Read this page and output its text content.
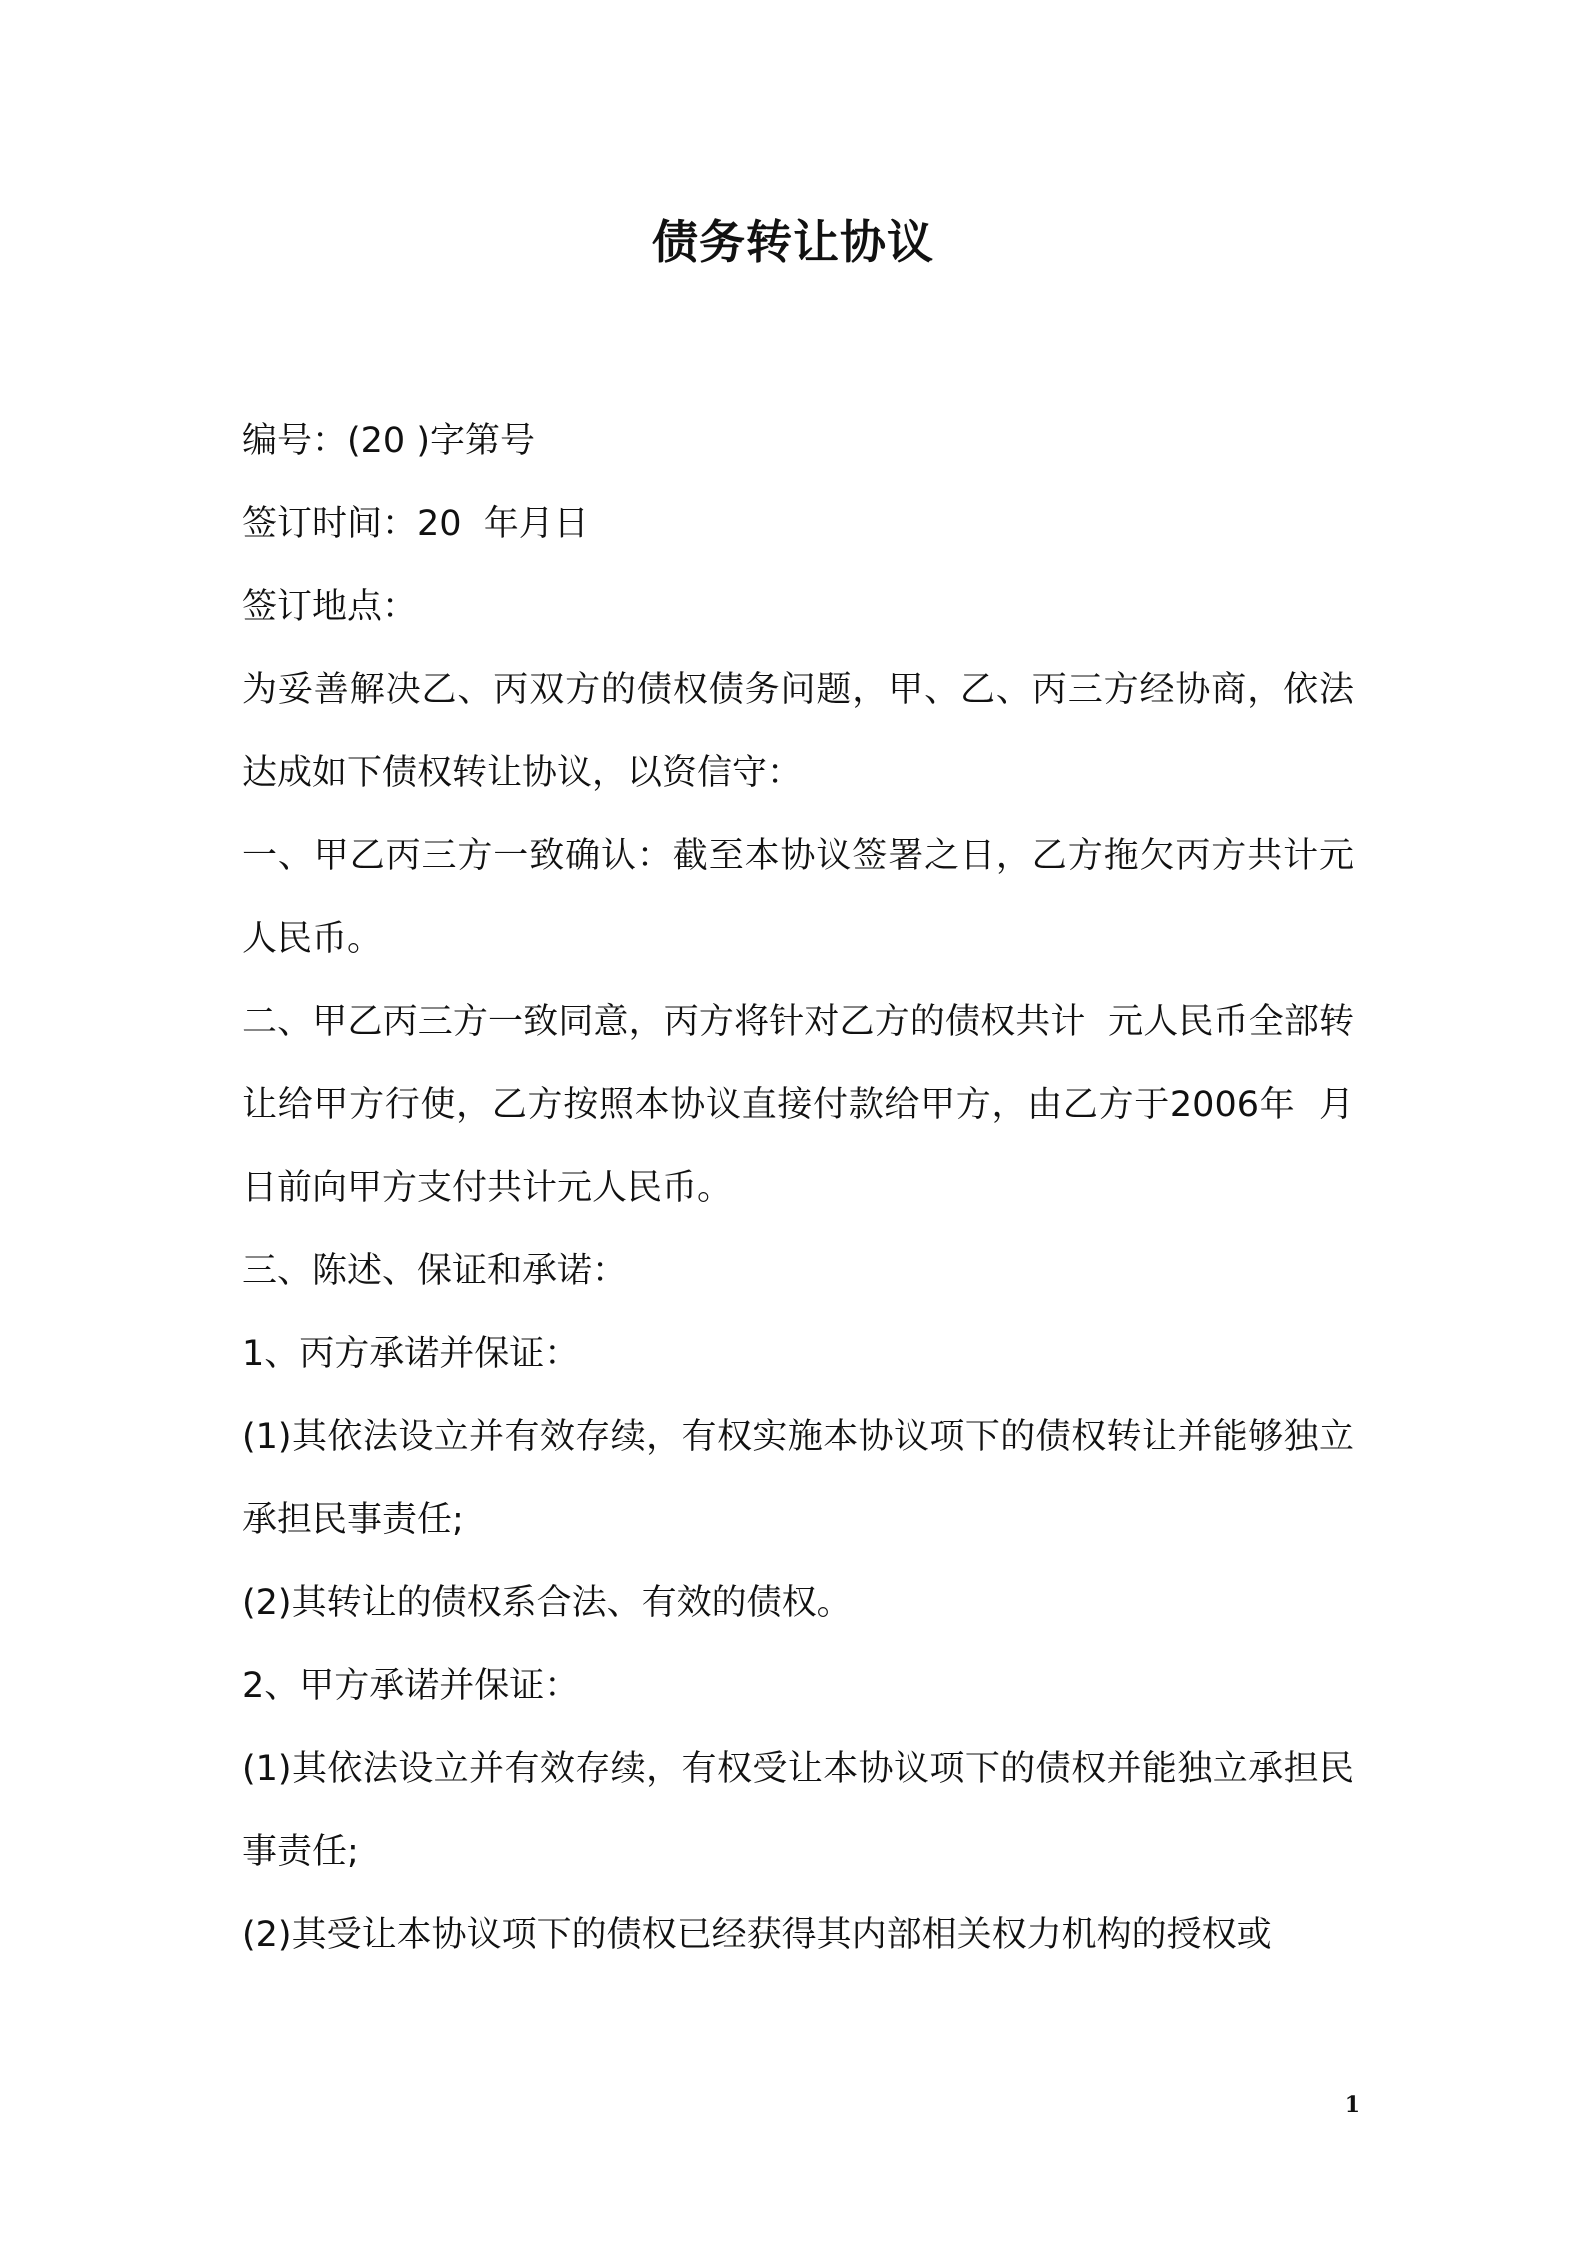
债务转让协议

编号：(20 )字第号

签订时间：20  年月日

签订地点：

为妥善解决乙、丙双方的债权债务问题，甲、乙、丙三方经协商，依法达成如下债权转让协议，以资信守：

一、甲乙丙三方一致确认：截至本协议签署之日，乙方拖欠丙方共计元人民币。

二、甲乙丙三方一致同意，丙方将针对乙方的债权共计  元人民币全部转让给甲方行使，乙方按照本协议直接付款给甲方，由乙方于2006年  月日前向甲方支付共计元人民币。

三、陈述、保证和承诺：

1、丙方承诺并保证：

(1)其依法设立并有效存续，有权实施本协议项下的债权转让并能够独立承担民事责任;

(2)其转让的债权系合法、有效的债权。

2、甲方承诺并保证：

(1)其依法设立并有效存续，有权受让本协议项下的债权并能独立承担民事责任;

(2)其受让本协议项下的债权已经获得其内部相关权力机构的授权或

1
